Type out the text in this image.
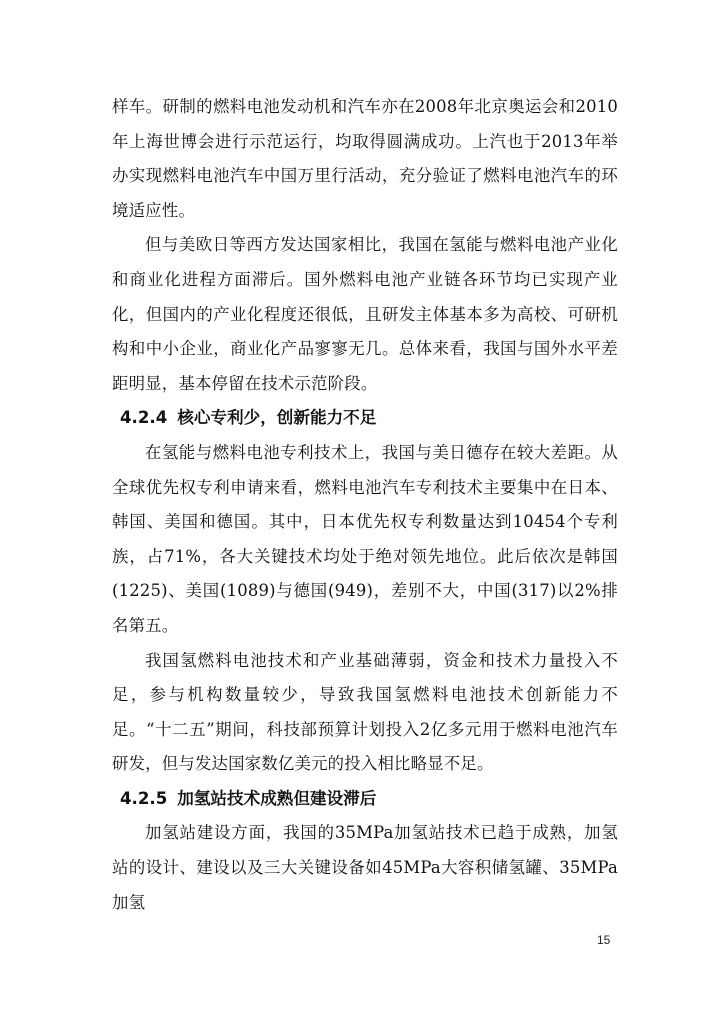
样车。研制的燃料电池发动机和汽车亦在2008年北京奥运会和2010年上海世博会进行示范运行，均取得圆满成功。上汽也于2013年举办实现燃料电池汽车中国万里行活动，充分验证了燃料电池汽车的环境适应性。

但与美欧日等西方发达国家相比，我国在氢能与燃料电池产业化和商业化进程方面滞后。国外燃料电池产业链各环节均已实现产业化，但国内的产业化程度还很低，且研发主体基本多为高校、可研机构和中小企业，商业化产品寥寥无几。总体来看，我国与国外水平差距明显，基本停留在技术示范阶段。

4.2.4 核心专利少，创新能力不足

在氢能与燃料电池专利技术上，我国与美日德存在较大差距。从全球优先权专利申请来看，燃料电池汽车专利技术主要集中在日本、韩国、美国和德国。其中，日本优先权专利数量达到10454个专利族，占71%，各大关键技术均处于绝对领先地位。此后依次是韩国(1225)、美国(1089)与德国(949)，差别不大，中国(317)以2%排名第五。

我国氢燃料电池技术和产业基础薄弱，资金和技术力量投入不足，参与机构数量较少，导致我国氢燃料电池技术创新能力不足。“十二五”期间，科技部预算计划投入2亿多元用于燃料电池汽车研发，但与发达国家数亿美元的投入相比略显不足。

4.2.5 加氢站技术成熟但建设滞后

加氢站建设方面，我国的35MPa加氢站技术已趋于成熟，加氢站的设计、建设以及三大关键设备如45MPa大容积储氢罐、35MPa加氢

15
